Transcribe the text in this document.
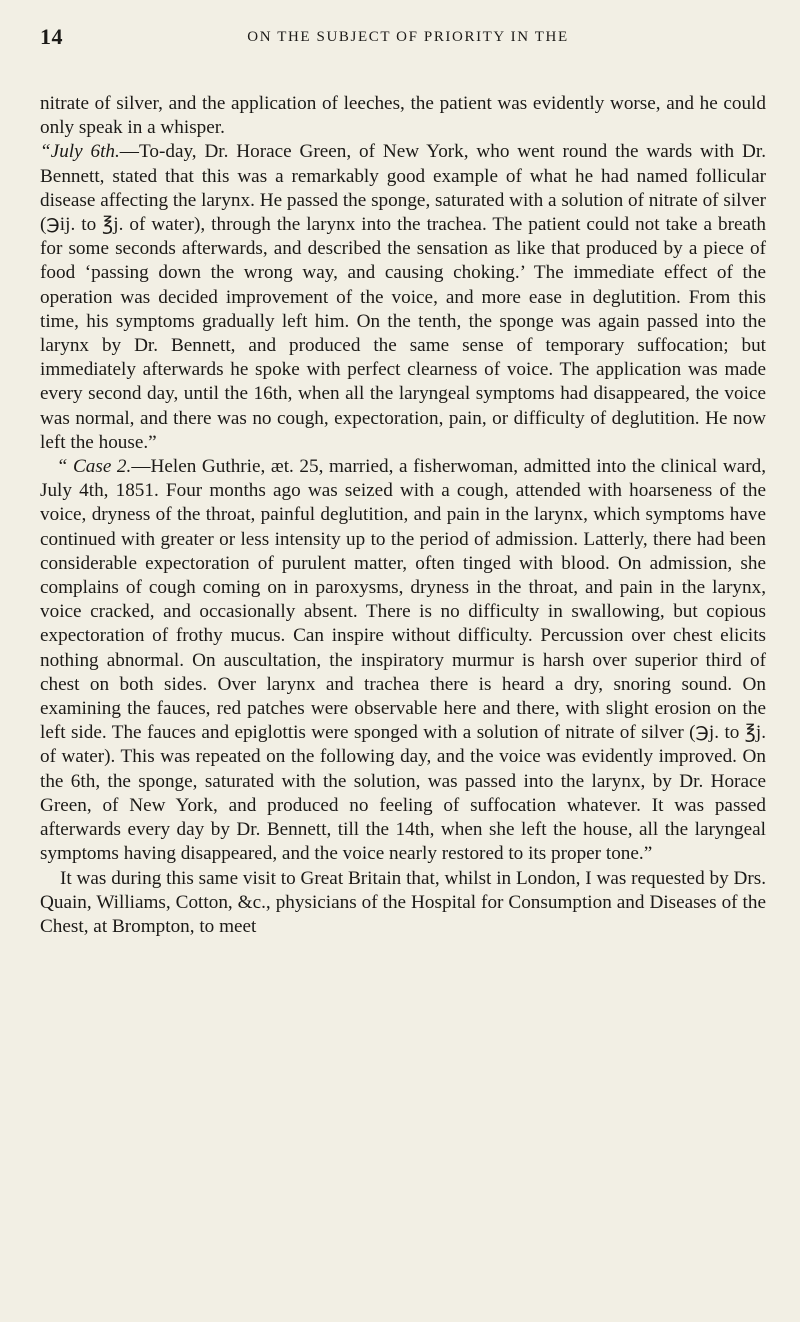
14	ON THE SUBJECT OF PRIORITY IN THE

nitrate of silver, and the application of leeches, the patient was evidently worse, and he could only speak in a whisper.

“July 6th.—To-day, Dr. Horace Green, of New York, who went round the wards with Dr. Bennett, stated that this was a remarkably good example of what he had named follicular disease affecting the larynx. He passed the sponge, saturated with a solution of nitrate of silver (℈ij. to ℥j. of water), through the larynx into the trachea. The patient could not take a breath for some seconds afterwards, and described the sensation as like that produced by a piece of food ‘passing down the wrong way, and causing choking.’ The immediate effect of the operation was decided improvement of the voice, and more ease in deglutition. From this time, his symptoms gradually left him. On the tenth, the sponge was again passed into the larynx by Dr. Bennett, and produced the same sense of temporary suffocation; but immediately afterwards he spoke with perfect clearness of voice. The application was made every second day, until the 16th, when all the laryngeal symptoms had disappeared, the voice was normal, and there was no cough, expectoration, pain, or difficulty of deglutition. He now left the house.”

“ Case 2.—Helen Guthrie, æt. 25, married, a fisherwoman, admitted into the clinical ward, July 4th, 1851. Four months ago was seized with a cough, attended with hoarseness of the voice, dryness of the throat, painful deglutition, and pain in the larynx, which symptoms have continued with greater or less intensity up to the period of admission. Latterly, there had been considerable expectoration of purulent matter, often tinged with blood. On admission, she complains of cough coming on in paroxysms, dryness in the throat, and pain in the larynx, voice cracked, and occasionally absent. There is no difficulty in swallowing, but copious expectoration of frothy mucus. Can inspire without difficulty. Percussion over chest elicits nothing abnormal. On auscultation, the inspiratory murmur is harsh over superior third of chest on both sides. Over larynx and trachea there is heard a dry, snoring sound. On examining the fauces, red patches were observable here and there, with slight erosion on the left side. The fauces and epiglottis were sponged with a solution of nitrate of silver (℈j. to ℥j. of water). This was repeated on the following day, and the voice was evidently improved. On the 6th, the sponge, saturated with the solution, was passed into the larynx, by Dr. Horace Green, of New York, and produced no feeling of suffocation whatever. It was passed afterwards every day by Dr. Bennett, till the 14th, when she left the house, all the laryngeal symptoms having disappeared, and the voice nearly restored to its proper tone.”

It was during this same visit to Great Britain that, whilst in London, I was requested by Drs. Quain, Williams, Cotton, &c., physicians of the Hospital for Consumption and Diseases of the Chest, at Brompton, to meet
